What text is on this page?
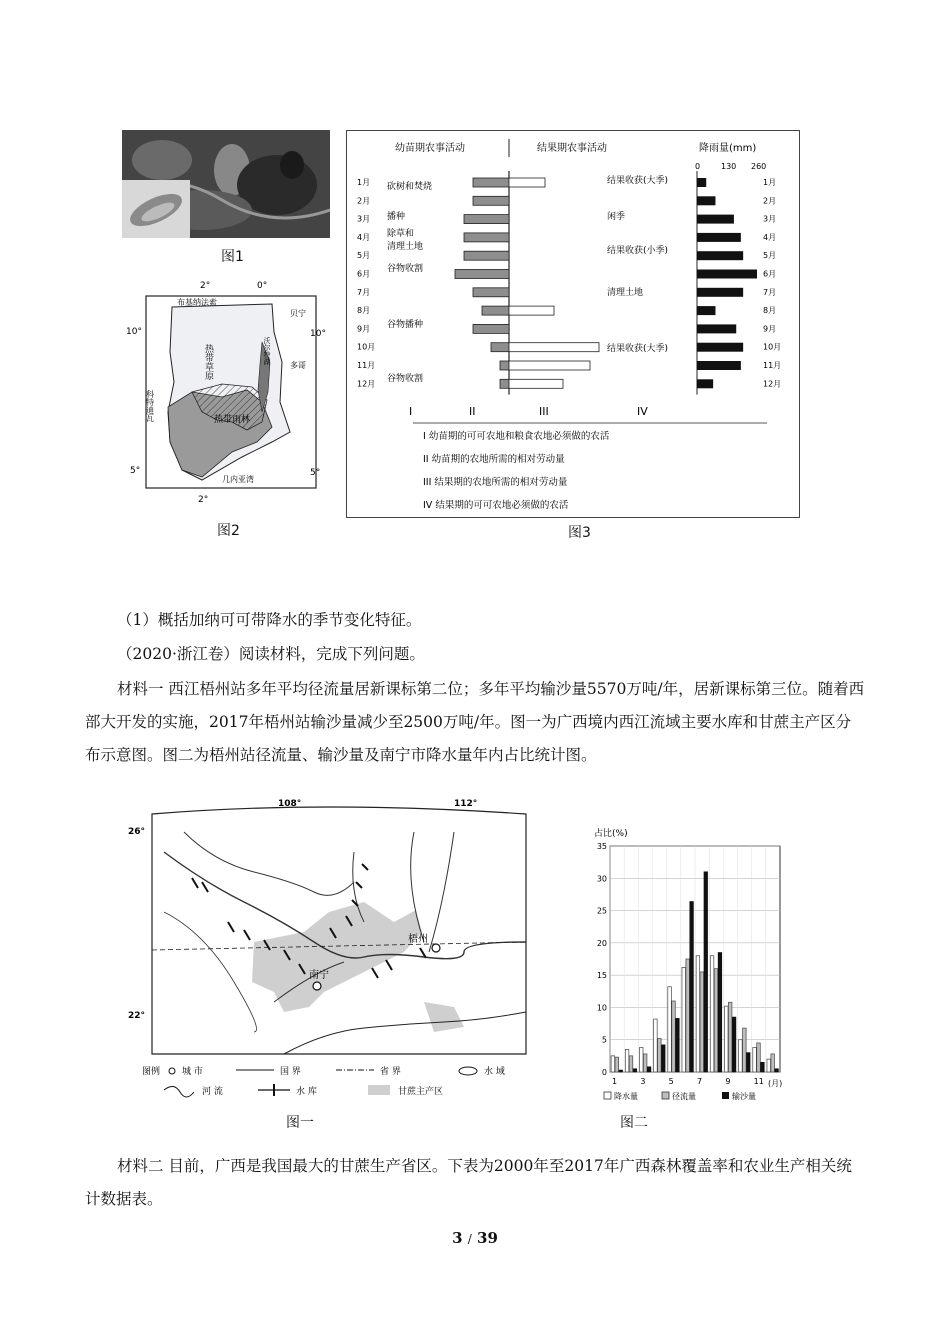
图1
2°	0°
10°	10°
5°	5°
2°
布基纳法索
贝宁
多哥
科特迪瓦
热带草原
热带雨林
几内亚湾
沃尔特湖
图2
幼苗期农事活动	结果期农事活动	降雨量(mm)
0	130 260
1月	1月
2月	2月
3月	3月
4月	4月
5月	5月
6月	6月
7月	7月
8月	8月
9月	9月
10月	10月
11月	11月
12月	12月
砍树和焚烧
播种
除草和
清理土地
谷物收割
谷物播种
谷物收割
结果收获(大季)
闲季
结果收获(小季)
清理土地
结果收获(大季)
I	II	III	IV
I 幼苗期的可可农地和粮食农地必须做的农活
II 幼苗期的农地所需的相对劳动量
III 结果期的农地所需的相对劳动量
IV 结果期的可可农地必须做的农活
图3

（1）概括加纳可可带降水的季节变化特征。

（2020·浙江卷）阅读材料，完成下列问题。

材料一 西江梧州站多年平均径流量居新课标第二位；多年平均输沙量5570万吨/年，居新课标第三位。随着西部大开发的实施，2017年梧州站输沙量减少至2500万吨/年。图一为广西境内西江流域主要水库和甘蔗主产区分布示意图。图二为梧州站径流量、输沙量及南宁市降水量年内占比统计图。

108°	112°
26°
22°
南宁
梧州
图例 城 市	国 界	省 界	水 域
河 流	水 库	甘蔗主产区
图一
占比(%)
0
5
10
15
20
25
30
35
1	3	5	7	9	11 (月)
降水量	径流量	输沙量
图二

材料二 目前，广西是我国最大的甘蔗生产省区。下表为2000年至2017年广西森林覆盖率和农业生产相关统计数据表。

3 / 39
